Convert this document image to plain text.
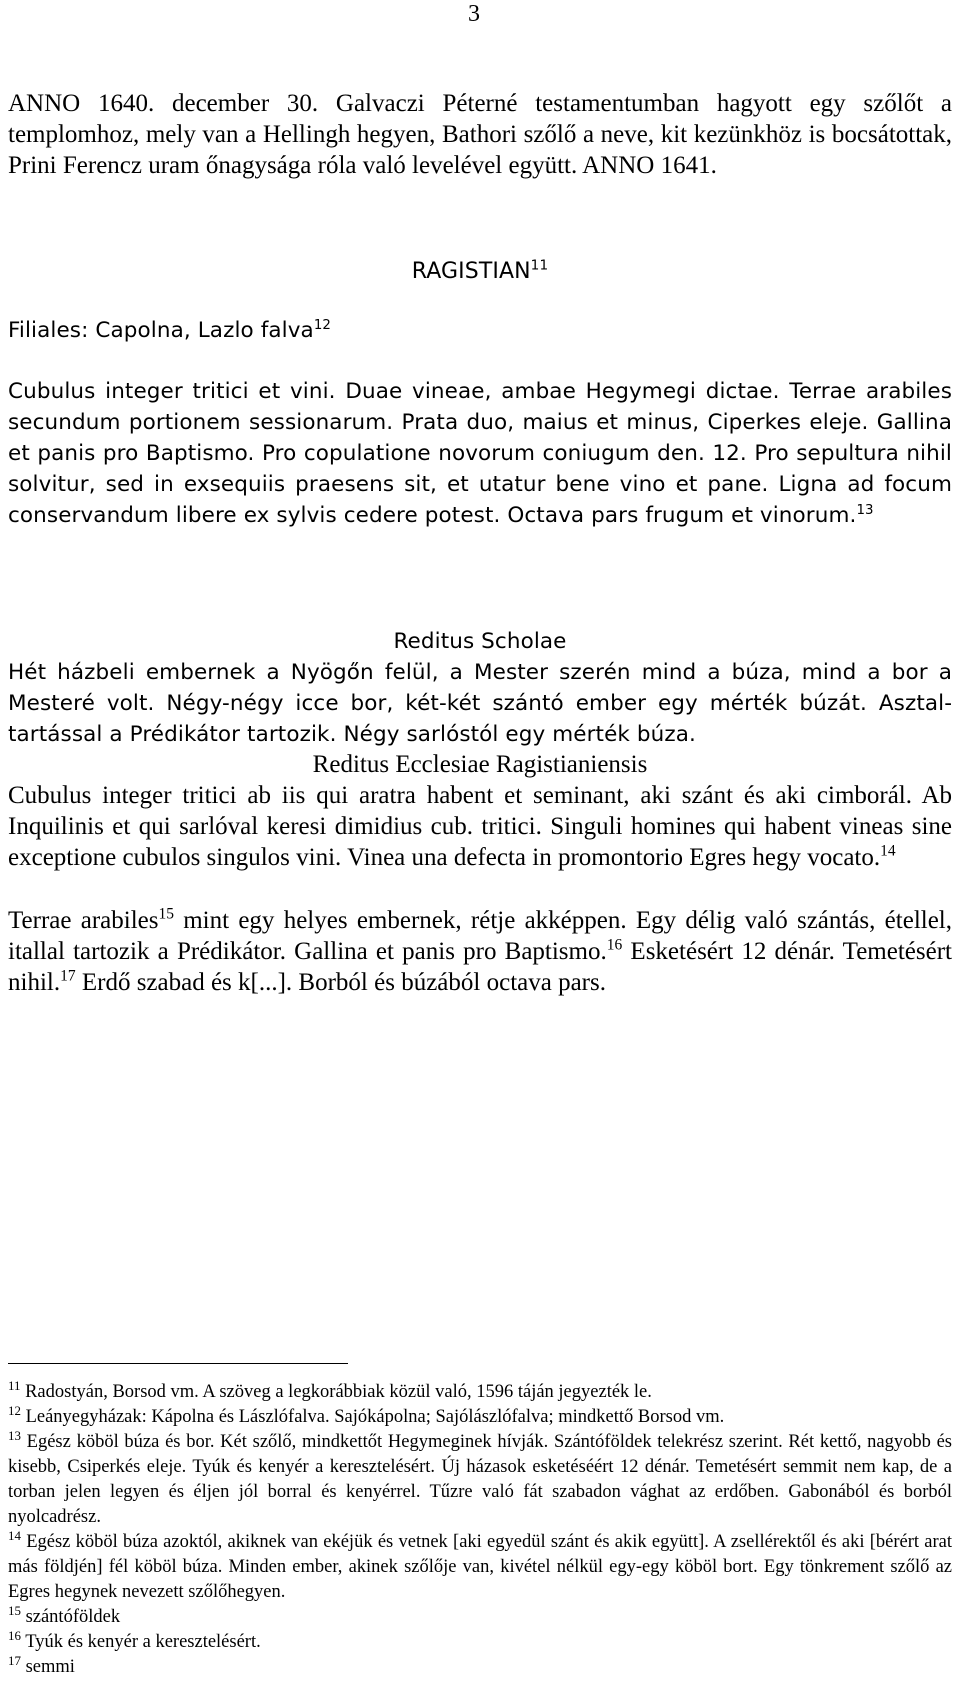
3

ANNO 1640. december 30. Galvaczi Péterné testamentumban hagyott egy szőlőt a templomhoz, mely van a Hellingh hegyen, Bathori szőlő a neve, kit kezünkhöz is bocsátottak, Prini Ferencz uram őnagysága róla való levelével együtt. ANNO 1641.

RAGISTIAN$^{11}$

Filiales: Capolna, Lazlo falva$^{12}$

Cubulus integer tritici et vini. Duae vineae, ambae Hegymegi dictae. Terrae arabiles secundum portionem sessionarum. Prata duo, maius et minus, Ciperkes eleje. Gallina et panis pro Baptismo. Pro copulatione novorum coniugum den. 12. Pro sepultura nihil solvitur, sed in exsequiis praesens sit, et utatur bene vino et pane. Ligna ad focum conservandum libere ex sylvis cedere potest. Octava pars frugum et vinorum.$^{13}$

Reditus Scholae

Hét házbeli embernek a Nyögőn felül, a Mester szerén mind a búza, mind a bor a Mesteré volt. Négy-négy icce bor, két-két szántó ember egy mérték búzát. Asztaltartással a Prédikátor tartozik. Négy sarlóstól egy mérték búza.

Reditus Ecclesiae Ragistianiensis

Cubulus integer tritici ab iis qui aratra habent et seminant, aki szánt és aki cimborál. Ab Inquilinis et qui sarlóval keresi dimidius cub. tritici. Singuli homines qui habent vineas sine exceptione cubulos singulos vini. Vinea una defecta in promontorio Egres hegy vocato.$^{14}$

Terrae arabiles$^{15}$ mint egy helyes embernek, rétje akképpen. Egy délig való szántás, étellel, itallal tartozik a Prédikátor. Gallina et panis pro Baptismo.$^{16}$ Esketésért 12 dénár. Temetésért nihil.$^{17}$ Erdő szabad és k[...]. Borból és búzából octava pars.

$^{11}$ Radostyán, Borsod vm. A szöveg a legkorábbiak közül való, 1596 táján jegyezték le.

$^{12}$ Leányegyházak: Kápolna és Lászlófalva. Sajókápolna; Sajólászlófalva; mindkettő Borsod vm.

$^{13}$ Egész köböl búza és bor. Két szőlő, mindkettőt Hegymeginek hívják. Szántóföldek telekrész szerint. Rét kettő, nagyobb és kisebb, Csiperkés eleje. Tyúk és kenyér a keresztelésért. Új házasok esketéséért 12 dénár. Temetésért semmit nem kap, de a torban jelen legyen és éljen jól borral és kenyérrel. Tűzre való fát szabadon vághat az erdőben. Gabonából és borból nyolcadrész.

$^{14}$ Egész köböl búza azoktól, akiknek van ekéjük és vetnek [aki egyedül szánt és akik együtt]. A zsellérektől és aki [bérért arat más földjén] fél köböl búza. Minden ember, akinek szőlője van, kivétel nélkül egy-egy köböl bort. Egy tönkrement szőlő az Egres hegynek nevezett szőlőhegyen.

$^{15}$ szántóföldek

$^{16}$ Tyúk és kenyér a keresztelésért.

$^{17}$ semmi
